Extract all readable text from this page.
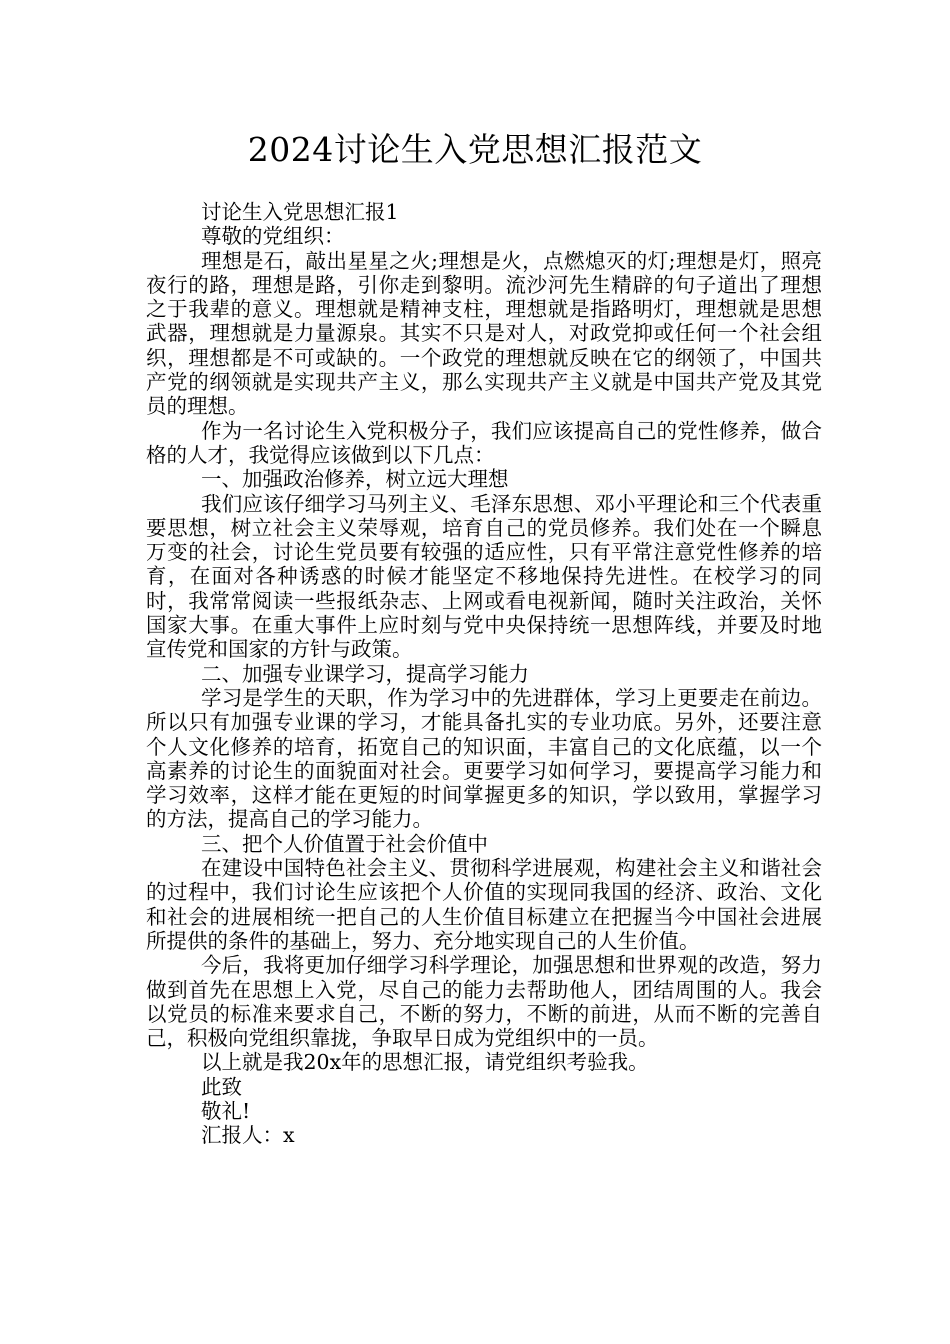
2024讨论生入党思想汇报范文

讨论生入党思想汇报1

尊敬的党组织：

理想是石，敲出星星之火;理想是火，点燃熄灭的灯;理想是灯，照亮夜行的路，理想是路，引你走到黎明。流沙河先生精辟的句子道出了理想之于我辈的意义。理想就是精神支柱，理想就是指路明灯，理想就是思想武器，理想就是力量源泉。其实不只是对人，对政党抑或任何一个社会组织，理想都是不可或缺的。一个政党的理想就反映在它的纲领了，中国共产党的纲领就是实现共产主义，那么实现共产主义就是中国共产党及其党员的理想。

作为一名讨论生入党积极分子，我们应该提高自己的党性修养，做合格的人才，我觉得应该做到以下几点：

一、加强政治修养，树立远大理想

我们应该仔细学习马列主义、毛泽东思想、邓小平理论和三个代表重要思想，树立社会主义荣辱观，培育自己的党员修养。我们处在一个瞬息万变的社会，讨论生党员要有较强的适应性，只有平常注意党性修养的培育，在面对各种诱惑的时候才能坚定不移地保持先进性。在校学习的同时，我常常阅读一些报纸杂志、上网或看电视新闻，随时关注政治，关怀国家大事。在重大事件上应时刻与党中央保持统一思想阵线，并要及时地宣传党和国家的方针与政策。

二、加强专业课学习，提高学习能力

学习是学生的天职，作为学习中的先进群体，学习上更要走在前边。所以只有加强专业课的学习，才能具备扎实的专业功底。另外，还要注意个人文化修养的培育，拓宽自己的知识面，丰富自己的文化底蕴，以一个高素养的讨论生的面貌面对社会。更要学习如何学习，要提高学习能力和学习效率，这样才能在更短的时间掌握更多的知识，学以致用，掌握学习的方法，提高自己的学习能力。

三、把个人价值置于社会价值中

在建设中国特色社会主义、贯彻科学进展观，构建社会主义和谐社会的过程中，我们讨论生应该把个人价值的实现同我国的经济、政治、文化和社会的进展相统一把自己的人生价值目标建立在把握当今中国社会进展所提供的条件的基础上，努力、充分地实现自己的人生价值。

今后，我将更加仔细学习科学理论，加强思想和世界观的改造，努力做到首先在思想上入党，尽自己的能力去帮助他人，团结周围的人。我会以党员的标准来要求自己，不断的努力，不断的前进，从而不断的完善自己，积极向党组织靠拢，争取早日成为党组织中的一员。

以上就是我20x年的思想汇报，请党组织考验我。

此致

敬礼!

汇报人：x
